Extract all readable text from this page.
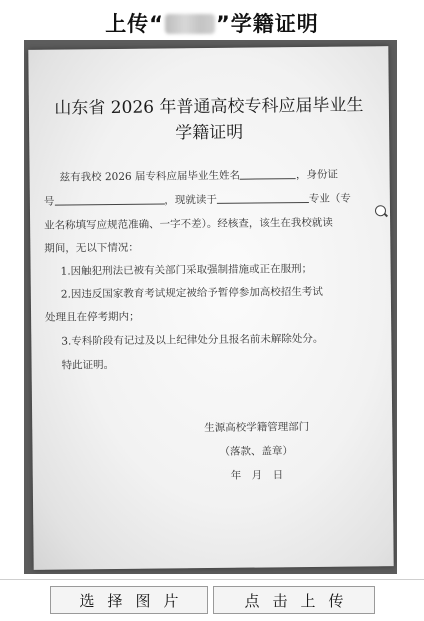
上传“ ”学籍证明
山东省 2026 年普通高校专科应届毕业生
学籍证明
兹有我校 2026 届专科应届毕业生姓名	，身份证
号	，现就读于	专业（专
业名称填写应规范准确、一字不差）。经核查，该生在我校就读
期间，无以下情况：
1.因触犯刑法已被有关部门采取强制措施或正在服刑；
2.因违反国家教育考试规定被给予暂停参加高校招生考试
处理且在停考期内；
3.专科阶段有记过及以上纪律处分且报名前未解除处分。
特此证明。
生源高校学籍管理部门
（落款、盖章）
年　月　日
选择图片	点击上传
